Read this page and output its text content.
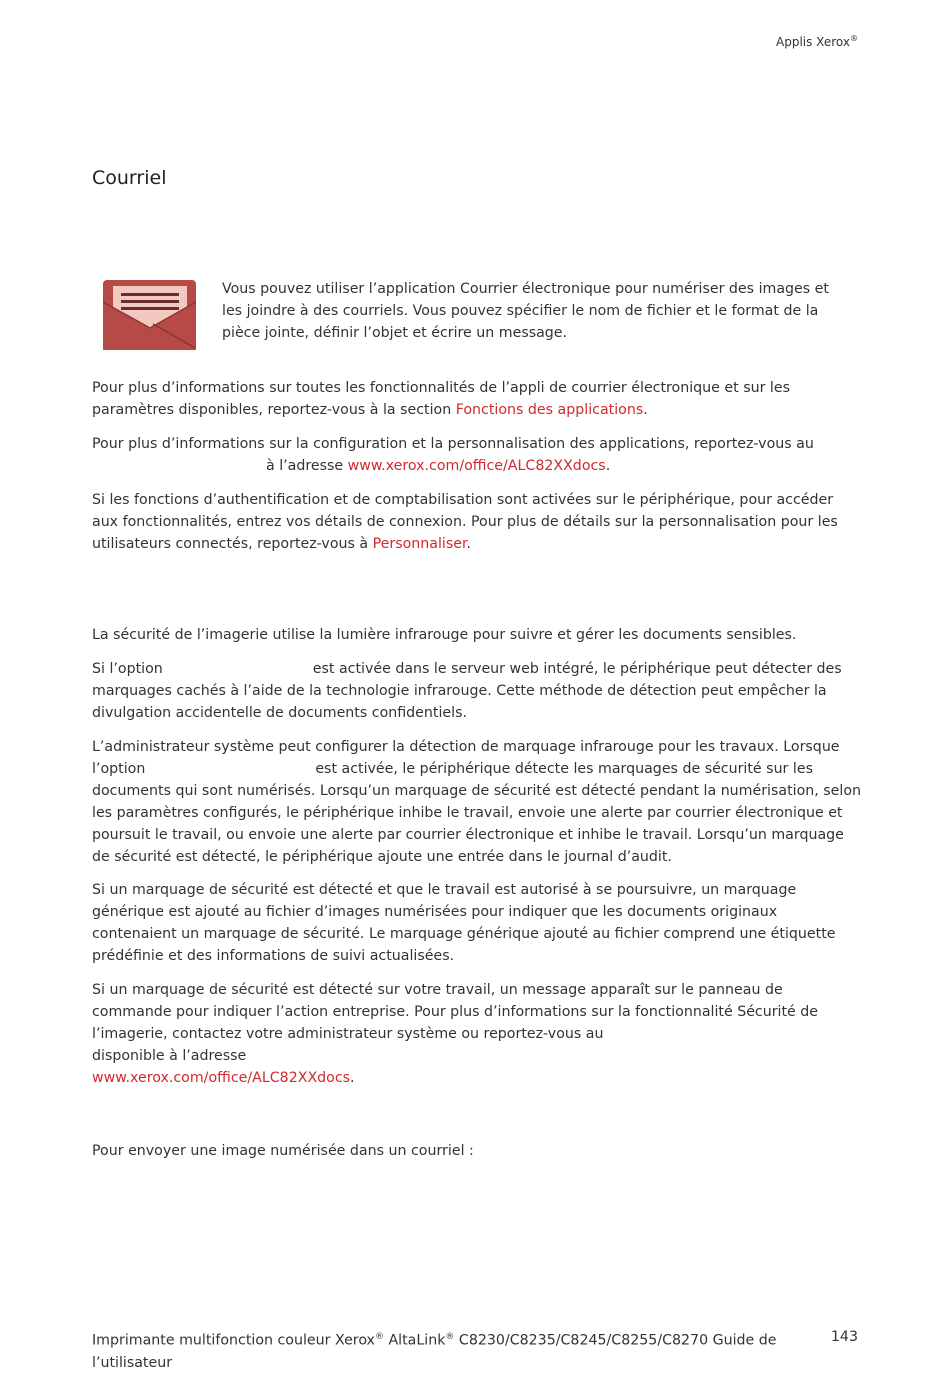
Applis Xerox®
Courriel
Vous pouvez utiliser l’application Courrier électronique pour numériser des images et les joindre à des courriels. Vous pouvez spécifier le nom de fichier et le format de la pièce jointe, définir l’objet et écrire un message.

Pour plus d’informations sur toutes les fonctionnalités de l’appli de courrier électronique et sur les paramètres disponibles, reportez-vous à la section Fonctions des applications.

Pour plus d’informations sur la configuration et la personnalisation des applications, reportez-vous au
à l’adresse www.xerox.com/office/ALC82XXdocs.

Si les fonctions d’authentification et de comptabilisation sont activées sur le périphérique, pour accéder aux fonctionnalités, entrez vos détails de connexion. Pour plus de détails sur la personnalisation pour les utilisateurs connectés, reportez-vous à Personnaliser.

La sécurité de l’imagerie utilise la lumière infrarouge pour suivre et gérer les documents sensibles.

Si l’option	est activée dans le serveur web intégré, le périphérique peut détecter des marquages cachés à l’aide de la technologie infrarouge. Cette méthode de détection peut empêcher la divulgation accidentelle de documents confidentiels.

L’administrateur système peut configurer la détection de marquage infrarouge pour les travaux. Lorsque l’option	est activée, le périphérique détecte les marquages de sécurité sur les documents qui sont numérisés. Lorsqu’un marquage de sécurité est détecté pendant la numérisation, selon les paramètres configurés, le périphérique inhibe le travail, envoie une alerte par courrier électronique et poursuit le travail, ou envoie une alerte par courrier électronique et inhibe le travail. Lorsqu’un marquage de sécurité est détecté, le périphérique ajoute une entrée dans le journal d’audit.

Si un marquage de sécurité est détecté et que le travail est autorisé à se poursuivre, un marquage générique est ajouté au fichier d’images numérisées pour indiquer que les documents originaux contenaient un marquage de sécurité. Le marquage générique ajouté au fichier comprend une étiquette prédéfinie et des informations de suivi actualisées.

Si un marquage de sécurité est détecté sur votre travail, un message apparaît sur le panneau de commande pour indiquer l’action entreprise. Pour plus d’informations sur la fonctionnalité Sécurité de l’imagerie, contactez votre administrateur système ou reportez-vous audisponible à l’adresse
www.xerox.com/office/ALC82XXdocs.

Pour envoyer une image numérisée dans un courriel :

Imprimante multifonction couleur Xerox® AltaLink® C8230/C8235/C8245/C8255/C8270 Guide de l’utilisateur
143
